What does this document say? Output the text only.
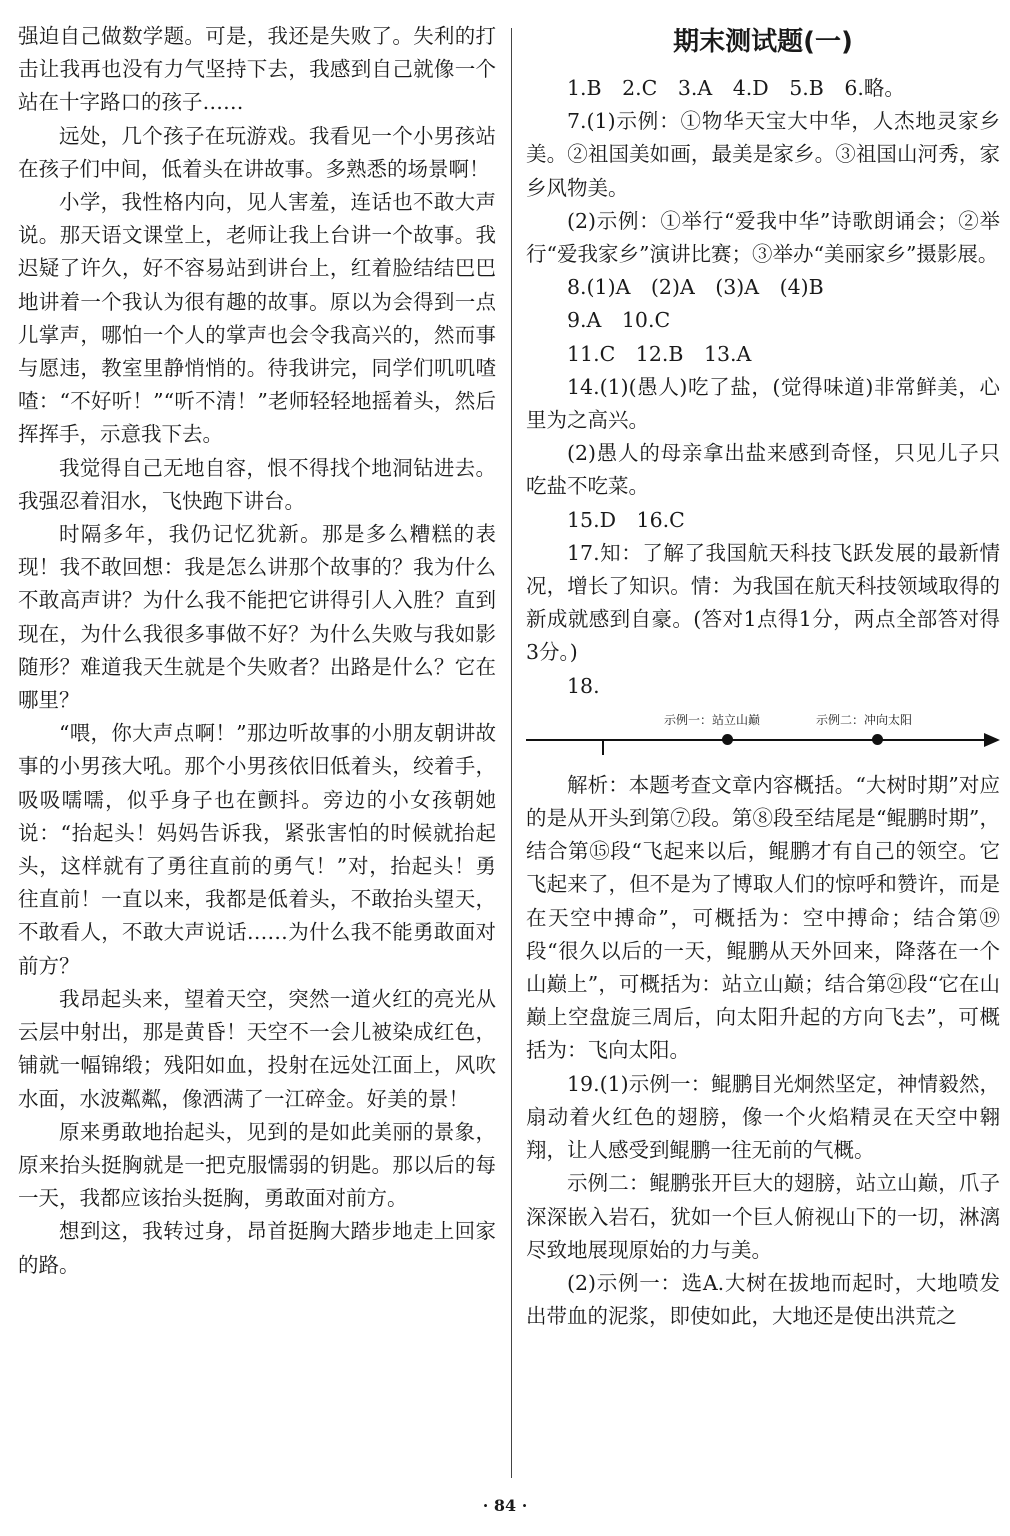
强迫自己做数学题。可是，我还是失败了。失利的打击让我再也没有力气坚持下去，我感到自己就像一个站在十字路口的孩子……

远处，几个孩子在玩游戏。我看见一个小男孩站在孩子们中间，低着头在讲故事。多熟悉的场景啊！

小学，我性格内向，见人害羞，连话也不敢大声说。那天语文课堂上，老师让我上台讲一个故事。我迟疑了许久，好不容易站到讲台上，红着脸结结巴巴地讲着一个我认为很有趣的故事。原以为会得到一点儿掌声，哪怕一个人的掌声也会令我高兴的，然而事与愿违，教室里静悄悄的。待我讲完，同学们叽叽喳喳：“不好听！”“听不清！”老师轻轻地摇着头，然后挥挥手，示意我下去。

我觉得自己无地自容，恨不得找个地洞钻进去。我强忍着泪水，飞快跑下讲台。

时隔多年，我仍记忆犹新。那是多么糟糕的表现！我不敢回想：我是怎么讲那个故事的？我为什么不敢高声讲？为什么我不能把它讲得引人入胜？直到现在，为什么我很多事做不好？为什么失败与我如影随形？难道我天生就是个失败者？出路是什么？它在哪里？

“喂，你大声点啊！”那边听故事的小朋友朝讲故事的小男孩大吼。那个小男孩依旧低着头，绞着手，吸吸嚅嚅，似乎身子也在颤抖。旁边的小女孩朝她说：“抬起头！妈妈告诉我，紧张害怕的时候就抬起头，这样就有了勇往直前的勇气！”对，抬起头！勇往直前！一直以来，我都是低着头，不敢抬头望天，不敢看人，不敢大声说话……为什么我不能勇敢面对前方？

我昂起头来，望着天空，突然一道火红的亮光从云层中射出，那是黄昏！天空不一会儿被染成红色，铺就一幅锦缎；残阳如血，投射在远处江面上，风吹水面，水波粼粼，像洒满了一江碎金。好美的景！

原来勇敢地抬起头，见到的是如此美丽的景象，原来抬头挺胸就是一把克服懦弱的钥匙。那以后的每一天，我都应该抬头挺胸，勇敢面对前方。

想到这，我转过身，昂首挺胸大踏步地走上回家的路。

期末测试题(一)

1.B　2.C　3.A　4.D　5.B　6.略。

7.(1)示例：①物华天宝大中华，人杰地灵家乡美。②祖国美如画，最美是家乡。③祖国山河秀，家乡风物美。

(2)示例：①举行“爱我中华”诗歌朗诵会；②举行“爱我家乡”演讲比赛；③举办“美丽家乡”摄影展。

8.(1)A　(2)A　(3)A　(4)B

9.A　10.C

11.C　12.B　13.A

14.(1)(愚人)吃了盐，(觉得味道)非常鲜美，心里为之高兴。

(2)愚人的母亲拿出盐来感到奇怪，只见儿子只吃盐不吃菜。

15.D　16.C

17.知：了解了我国航天科技飞跃发展的最新情况，增长了知识。情：为我国在航天科技领域取得的新成就感到自豪。(答对1点得1分，两点全部答对得3分。)

18.

示例一：站立山巅	示例二：冲向太阳

解析：本题考查文章内容概括。“大树时期”对应的是从开头到第⑦段。第⑧段至结尾是“鲲鹏时期”，结合第⑮段“飞起来以后，鲲鹏才有自己的领空。它飞起来了，但不是为了博取人们的惊呼和赞许，而是在天空中搏命”，可概括为：空中搏命；结合第⑲段“很久以后的一天，鲲鹏从天外回来，降落在一个山巅上”，可概括为：站立山巅；结合第㉑段“它在山巅上空盘旋三周后，向太阳升起的方向飞去”，可概括为：飞向太阳。

19.(1)示例一：鲲鹏目光炯然坚定，神情毅然，扇动着火红色的翅膀，像一个火焰精灵在天空中翱翔，让人感受到鲲鹏一往无前的气概。

示例二：鲲鹏张开巨大的翅膀，站立山巅，爪子深深嵌入岩石，犹如一个巨人俯视山下的一切，淋漓尽致地展现原始的力与美。

(2)示例一：选A.大树在拔地而起时，大地喷发出带血的泥浆，即使如此，大地还是使出洪荒之

· 84 ·
